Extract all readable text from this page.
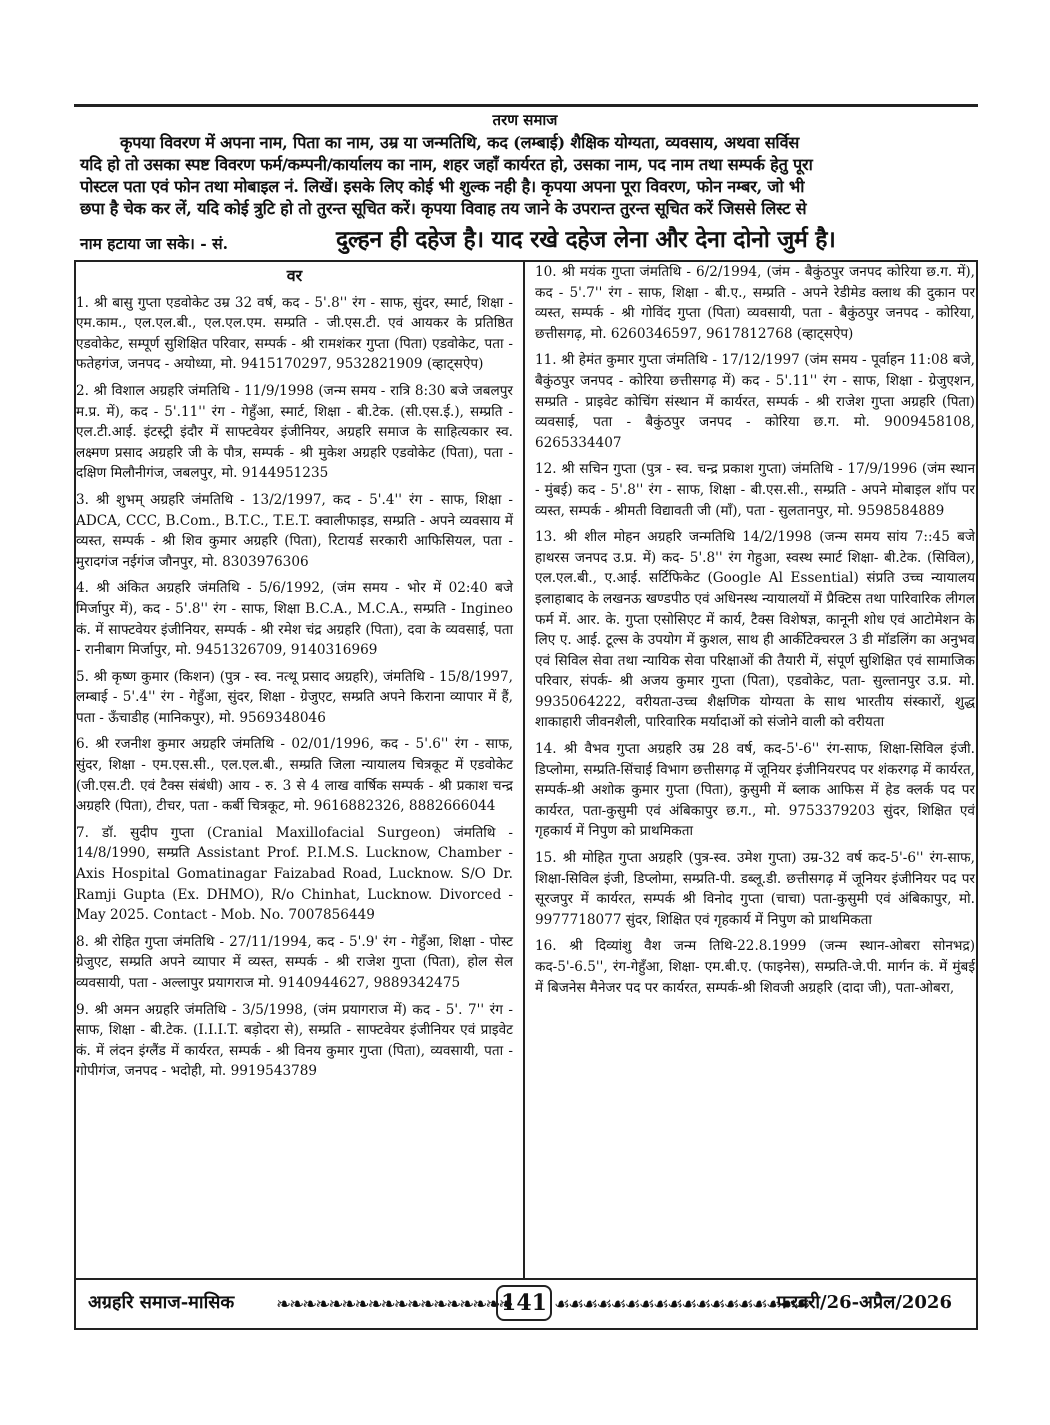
तरण समाज
कृपया विवरण में अपना नाम, पिता का नाम, उम्र या जन्मतिथि, कद (लम्बाई) शैक्षिक योग्यता, व्यवसाय, अथवा सर्विस
यदि हो तो उसका स्पष्ट विवरण फर्म/कम्पनी/कार्यालय का नाम, शहर जहाँ कार्यरत हो, उसका नाम, पद नाम तथा सम्पर्क हेतु पूरा
पोस्टल पता एवं फोन तथा मोबाइल नं. लिखें। इसके लिए कोई भी शुल्क नही है। कृपया अपना पूरा विवरण, फोन नम्बर, जो भी
छपा है चेक कर लें, यदि कोई त्रुटि हो तो तुरन्त सूचित करें। कृपया विवाह तय जाने के उपरान्त तुरन्त सूचित करें जिससे लिस्ट से
नाम हटाया जा सके। - सं.	दुल्हन ही दहेज है। याद रखे दहेज लेना और देना दोनो जुर्म है।
वर

1. श्री बासु गुप्ता एडवोकेट उम्र 32 वर्ष, कद - 5'.8'' रंग - साफ, सुंदर, स्मार्ट, शिक्षा - एम.काम., एल.एल.बी., एल.एल.एम. सम्प्रति - जी.एस.टी. एवं आयकर के प्रतिष्ठित एडवोकेट, सम्पूर्ण सुशिक्षित परिवार, सम्पर्क - श्री रामशंकर गुप्ता (पिता) एडवोकेट, पता - फतेहगंज, जनपद - अयोध्या, मो. 9415170297, 9532821909 (व्हाट्सऐप)

2. श्री विशाल अग्रहरि जंमतिथि - 11/9/1998 (जन्म समय - रात्रि 8:30 बजे जबलपुर म.प्र. में), कद - 5'.11'' रंग - गेहुँआ, स्मार्ट, शिक्षा - बी.टेक. (सी.एस.ई.), सम्प्रति - एल.टी.आई. इंटस्ट्री इंदौर में साफ्टवेयर इंजीनियर, अग्रहरि समाज के साहित्यकार स्व. लक्ष्मण प्रसाद अग्रहरि जी के पौत्र, सम्पर्क - श्री मुकेश अग्रहरि एडवोकेट (पिता), पता - दक्षिण मिलौनीगंज, जबलपुर, मो. 9144951235

3. श्री शुभम् अग्रहरि जंमतिथि - 13/2/1997, कद - 5'.4'' रंग - साफ, शिक्षा - ADCA, CCC, B.Com., B.T.C., T.E.T. क्वालीफाइड, सम्प्रति - अपने व्यवसाय में व्यस्त, सम्पर्क - श्री शिव कुमार अग्रहरि (पिता), रिटायर्ड सरकारी आफिसियल, पता - मुरादगंज नईगंज जौनपुर, मो. 8303976306

4. श्री अंकित अग्रहरि जंमतिथि - 5/6/1992, (जंम समय - भोर में 02:40 बजे मिर्जापुर में), कद - 5'.8'' रंग - साफ, शिक्षा B.C.A., M.C.A., सम्प्रति - Ingineo कं. में साफ्टवेयर इंजीनियर, सम्पर्क - श्री रमेश चंद्र अग्रहरि (पिता), दवा के व्यवसाई, पता - रानीबाग मिर्जापुर, मो. 9451326709, 9140316969

5. श्री कृष्ण कुमार (किशन) (पुत्र - स्व. नत्थू प्रसाद अग्रहरि), जंमतिथि - 15/8/1997, लम्बाई - 5'.4'' रंग - गेहुँआ, सुंदर, शिक्षा - ग्रेजुएट, सम्प्रति अपने किराना व्यापार में हैं, पता - ऊँचाडीह (मानिकपुर), मो. 9569348046

6. श्री रजनीश कुमार अग्रहरि जंमतिथि - 02/01/1996, कद - 5'.6'' रंग - साफ, सुंदर, शिक्षा - एम.एस.सी., एल.एल.बी., सम्प्रति जिला न्यायालय चित्रकूट में एडवोकेट (जी.एस.टी. एवं टैक्स संबंधी) आय - रु. 3 से 4 लाख वार्षिक सम्पर्क - श्री प्रकाश चन्द्र अग्रहरि (पिता), टीचर, पता - कर्बी चित्रकूट, मो. 9616882326, 8882666044

7. डॉ. सुदीप गुप्ता (Cranial Maxillofacial Surgeon) जंमतिथि - 14/8/1990, सम्प्रति Assistant Prof. P.I.M.S. Lucknow, Chamber - Axis Hospital Gomatinagar Faizabad Road, Lucknow. S/O Dr. Ramji Gupta (Ex. DHMO), R/o Chinhat, Lucknow. Divorced - May 2025. Contact - Mob. No. 7007856449

8. श्री रोहित गुप्ता जंमतिथि - 27/11/1994, कद - 5'.9' रंग - गेहुँआ, शिक्षा - पोस्ट ग्रेजुएट, सम्प्रति अपने व्यापार में व्यस्त, सम्पर्क - श्री राजेश गुप्ता (पिता), होल सेल व्यवसायी, पता - अल्लापुर प्रयागराज मो. 9140944627, 9889342475

9. श्री अमन अग्रहरि जंमतिथि - 3/5/1998, (जंम प्रयागराज में) कद - 5'. 7'' रंग - साफ, शिक्षा - बी.टेक. (I.I.I.T. बड़ोदरा से), सम्प्रति - साफ्टवेयर इंजीनियर एवं प्राइवेट कं. में लंदन इंग्लैंड में कार्यरत, सम्पर्क - श्री विनय कुमार गुप्ता (पिता), व्यवसायी, पता - गोपीगंज, जनपद - भदोही, मो. 9919543789

10. श्री मयंक गुप्ता जंमतिथि - 6/2/1994, (जंम - बैकुंठपुर जनपद कोरिया छ.ग. में), कद - 5'.7'' रंग - साफ, शिक्षा - बी.ए., सम्प्रति - अपने रेडीमेड क्लाथ की दुकान पर व्यस्त, सम्पर्क - श्री गोविंद गुप्ता (पिता) व्यवसायी, पता - बैकुंठपुर जनपद - कोरिया, छत्तीसगढ़, मो. 6260346597, 9617812768 (व्हाट्सऐप)

11. श्री हेमंत कुमार गुप्ता जंमतिथि - 17/12/1997 (जंम समय - पूर्वाहन 11:08 बजे, बैकुंठपुर जनपद - कोरिया छत्तीसगढ़ में) कद - 5'.11'' रंग - साफ, शिक्षा - ग्रेजुएशन, सम्प्रति - प्राइवेट कोचिंग संस्थान में कार्यरत, सम्पर्क - श्री राजेश गुप्ता अग्रहरि (पिता) व्यवसाई, पता - बैकुंठपुर जनपद - कोरिया छ.ग. मो. 9009458108, 6265334407

12. श्री सचिन गुप्ता (पुत्र - स्व. चन्द्र प्रकाश गुप्ता) जंमतिथि - 17/9/1996 (जंम स्थान - मुंबई) कद - 5'.8'' रंग - साफ, शिक्षा - बी.एस.सी., सम्प्रति - अपने मोबाइल शॉप पर व्यस्त, सम्पर्क - श्रीमती विद्यावती जी (माँ), पता - सुलतानपुर, मो. 9598584889

13. श्री शील मोहन अग्रहरि जन्मतिथि 14/2/1998 (जन्म समय सांय 7::45 बजे हाथरस जनपद उ.प्र. में) कद- 5'.8'' रंग गेहुआ, स्वस्थ स्मार्ट शिक्षा- बी.टेक. (सिविल), एल.एल.बी., ए.आई. सर्टिफिकेट (Google Al Essential) संप्रति उच्च न्यायालय इलाहाबाद के लखनऊ खण्डपीठ एवं अधिनस्थ न्यायालयों में प्रैक्टिस तथा पारिवारिक लीगल फर्म में. आर. के. गुप्ता एसोसिएट में कार्य, टैक्स विशेषज्ञ, कानूनी शोध एवं आटोमेशन के लिए ए. आई. टूल्स के उपयोग में कुशल, साथ ही आर्कीटेक्चरल 3 डी मॉडलिंग का अनुभव एवं सिविल सेवा तथा न्यायिक सेवा परिक्षाओं की तैयारी में, संपूर्ण सुशिक्षित एवं सामाजिक परिवार, संपर्क- श्री अजय कुमार गुप्ता (पिता), एडवोकेट, पता- सुल्तानपुर उ.प्र. मो. 9935064222, वरीयता-उच्च शैक्षणिक योग्यता के साथ भारतीय संस्कारों, शुद्ध शाकाहारी जीवनशैली, पारिवारिक मर्यादाओं को संजोने वाली को वरीयता

14. श्री वैभव गुप्ता अग्रहरि उम्र 28 वर्ष, कद-5'-6'' रंग-साफ, शिक्षा-सिविल इंजी. डिप्लोमा, सम्प्रति-सिंचाई विभाग छत्तीसगढ़ में जूनियर इंजीनियरपद पर शंकरगढ़ में कार्यरत, सम्पर्क-श्री अशोक कुमार गुप्ता (पिता), कुसुमी में ब्लाक आफिस में हेड क्लर्क पद पर कार्यरत, पता-कुसुमी एवं अंबिकापुर छ.ग., मो. 9753379203 सुंदर, शिक्षित एवं गृहकार्य में निपुण को प्राथमिकता

15. श्री मोहित गुप्ता अग्रहरि (पुत्र-स्व. उमेश गुप्ता) उम्र-32 वर्ष कद-5'-6'' रंग-साफ, शिक्षा-सिविल इंजी, डिप्लोमा, सम्प्रति-पी. डब्लू.डी. छत्तीसगढ़ में जूनियर इंजीनियर पद पर सूरजपुर में कार्यरत, सम्पर्क श्री विनोद गुप्ता (चाचा) पता-कुसुमी एवं अंबिकापुर, मो. 9977718077 सुंदर, शिक्षित एवं गृहकार्य में निपुण को प्राथमिकता

16. श्री दिव्यांशु वैश जन्म तिथि-22.8.1999 (जन्म स्थान-ओबरा सोनभद्र) कद-5'-6.5'', रंग-गेहुँआ, शिक्षा- एम.बी.ए. (फाइनेस), सम्प्रति-जे.पी. मार्गन कं. में मुंबई में बिजनेस मैनेजर पद पर कार्यरत, सम्पर्क-श्री शिवजी अग्रहरि (दादा जी), पता-ओबरा,

अग्रहरि समाज-मासिक ❧❧❧❧❧❧❧❧❧❧❧❧❧❧❧❧❧❧
141 ☙☙☙☙☙☙☙☙☙☙☙☙☙☙☙☙☙☙
फरवरी/26-अप्रैल/2026
